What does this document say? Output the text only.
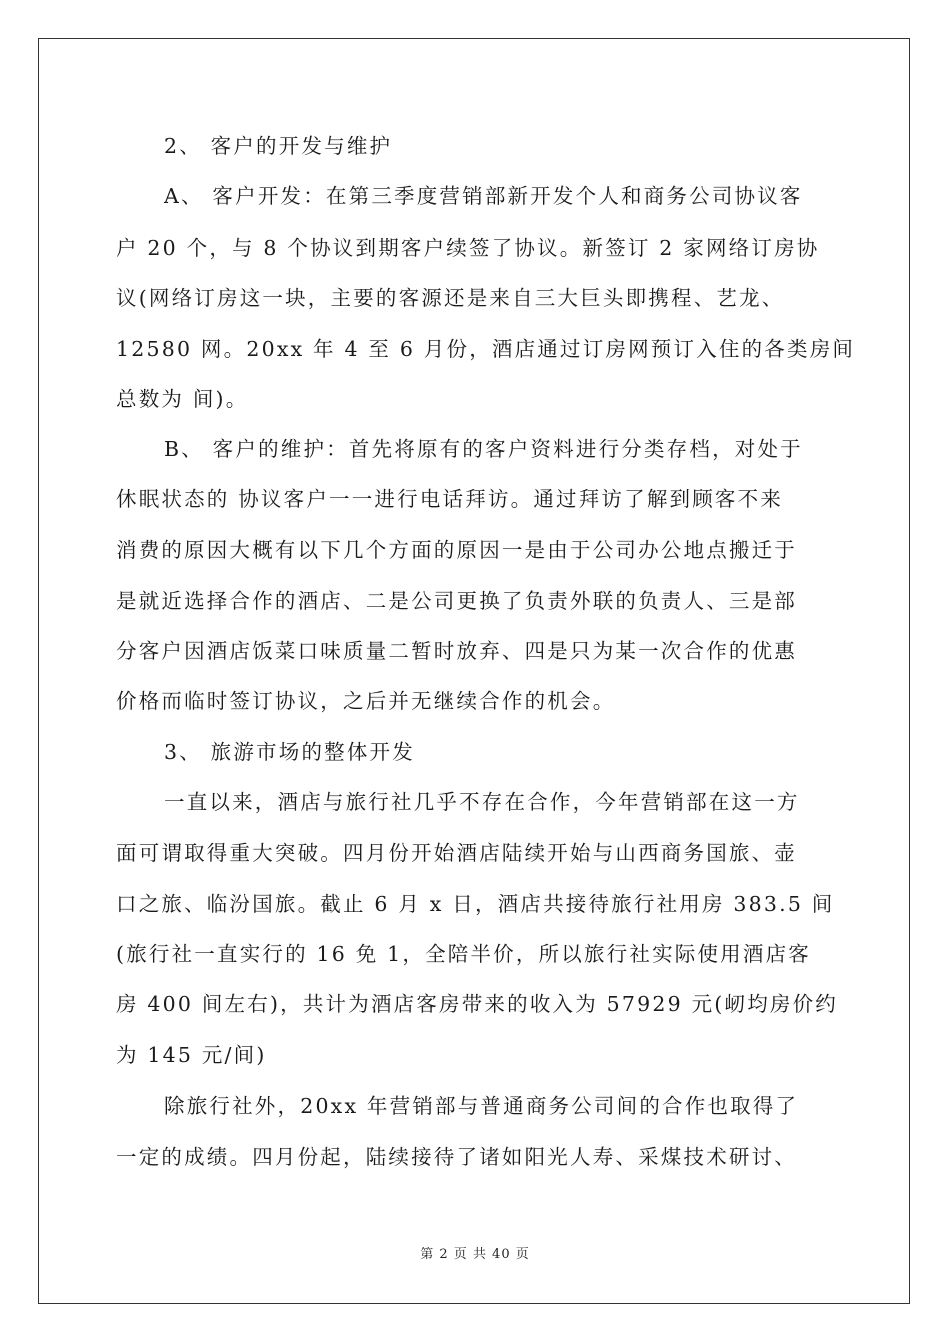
2、 客户的开发与维护
A、 客户开发：在第三季度营销部新开发个人和商务公司协议客
户 20 个，与 8 个协议到期客户续签了协议。新签订 2 家网络订房协
议(网络订房这一块，主要的客源还是来自三大巨头即携程、艺龙、
12580 网。20xx 年 4 至 6 月份，酒店通过订房网预订入住的各类房间
总数为 间)。
B、 客户的维护：首先将原有的客户资料进行分类存档，对处于
休眠状态的 协议客户一一进行电话拜访。通过拜访了解到顾客不来
消费的原因大概有以下几个方面的原因一是由于公司办公地点搬迁于
是就近选择合作的酒店、二是公司更换了负责外联的负责人、三是部
分客户因酒店饭菜口味质量二暂时放弃、四是只为某一次合作的优惠
价格而临时签订协议，之后并无继续合作的机会。
3、 旅游市场的整体开发
一直以来，酒店与旅行社几乎不存在合作，今年营销部在这一方
面可谓取得重大突破。四月份开始酒店陆续开始与山西商务国旅、壶
口之旅、临汾国旅。截止 6 月 x 日，酒店共接待旅行社用房 383.5 间
(旅行社一直实行的 16 免 1，全陪半价，所以旅行社实际使用酒店客
房 400 间左右)，共计为酒店客房带来的收入为 57929 元(屻均房价约
为 145 元/间)
除旅行社外，20xx 年营销部与普通商务公司间的合作也取得了
一定的成绩。四月份起，陆续接待了诸如阳光人寿、采煤技术研讨、
第 2 页 共 40 页
